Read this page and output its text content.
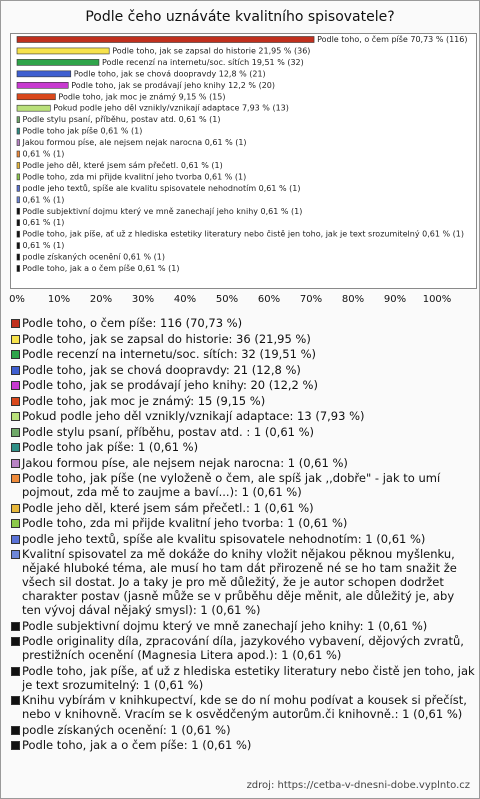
Podle čeho uznáváte kvalitního spisovatele?
Podle toho, o čem píše 70,73 % (116)
Podle toho, jak se zapsal do historie 21,95 % (36)
Podle recenzí na internetu/soc. sítích 19,51 % (32)
Podle toho, jak se chová doopravdy 12,8 % (21)
Podle toho, jak se prodávají jeho knihy 12,2 % (20)
Podle toho, jak moc je známý 9,15 % (15)
Pokud podle jeho děl vznikly/vznikají adaptace 7,93 % (13)
Podle stylu psaní, příběhu, postav atd. 0,61 % (1)
Podle toho jak píše 0,61 % (1)
Jakou formou píse, ale nejsem nejak narocna 0,61 % (1)
0,61 % (1)
Podle jeho děl, které jsem sám přečetl. 0,61 % (1)
Podle toho, zda mi přijde kvalitní jeho tvorba 0,61 % (1)
podle jeho textů, spíše ale kvalitu spisovatele nehodnotím 0,61 % (1)
0,61 % (1)
Podle subjektivní dojmu který ve mně zanechají jeho knihy 0,61 % (1)
0,61 % (1)
Podle toho, jak píše, ať už z hlediska estetiky literatury nebo čistě jen toho, jak je text srozumitelný 0,61 % (1)
0,61 % (1)
podle získaných ocenění 0,61 % (1)
Podle toho, jak a o čem píše 0,61 % (1)
0% 10% 20% 30% 40% 50% 60% 70% 80% 90% 100%
Podle toho, o čem píše: 116 (70,73 %)
Podle toho, jak se zapsal do historie: 36 (21,95 %)
Podle recenzí na internetu/soc. sítích: 32 (19,51 %)
Podle toho, jak se chová doopravdy: 21 (12,8 %)
Podle toho, jak se prodávají jeho knihy: 20 (12,2 %)
Podle toho, jak moc je známý: 15 (9,15 %)
Pokud podle jeho děl vznikly/vznikají adaptace: 13 (7,93 %)
Podle stylu psaní, příběhu, postav atd. : 1 (0,61 %)
Podle toho jak píše: 1 (0,61 %)
Jakou formou píse, ale nejsem nejak narocna: 1 (0,61 %)
Podle toho, jak píše (ne vyloženě o čem, ale spíš jak ,,dobře" - jak to umí pojmout, zda mě to zaujme a baví...): 1 (0,61 %)
Podle jeho děl, které jsem sám přečetl.: 1 (0,61 %)
Podle toho, zda mi přijde kvalitní jeho tvorba: 1 (0,61 %)
podle jeho textů, spíše ale kvalitu spisovatele nehodnotím: 1 (0,61 %)
Kvalitní spisovatel za mě dokáže do knihy vložit nějakou pěknou myšlenku, nějaké hluboké téma, ale musí ho tam dát přirozeně né se ho tam snažit že všech sil dostat. Jo a taky je pro mě důležitý, že je autor schopen dodržet charakter postav (jasně může se v průběhu děje měnit, ale důležitý je, aby ten vývoj dával nějaký smysl): 1 (0,61 %)
Podle subjektivní dojmu který ve mně zanechají jeho knihy: 1 (0,61 %)
Podle originality díla, zpracování díla, jazykového vybavení, dějových zvratů, prestižních ocenění (Magnesia Litera apod.): 1 (0,61 %)
Podle toho, jak píše, ať už z hlediska estetiky literatury nebo čistě jen toho, jak je text srozumitelný: 1 (0,61 %)
Knihu vybírám v knihkupectví, kde se do ní mohu podívat a kousek si přečíst, nebo v knihovně. Vracím se k osvědčeným autorům.či knihovně.: 1 (0,61 %)
podle získaných ocenění: 1 (0,61 %)
Podle toho, jak a o čem píše: 1 (0,61 %)
zdroj: https://cetba-v-dnesni-dobe.vyplnto.cz
